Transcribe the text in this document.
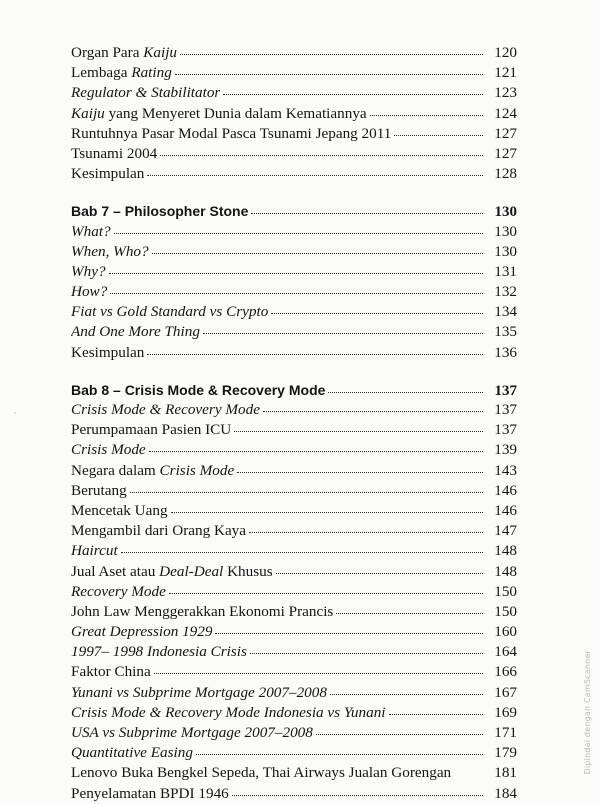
Organ Para Kaiju	120
Lembaga Rating	121
Regulator & Stabilitator	123
Kaiju yang Menyeret Dunia dalam Kematiannya	124
Runtuhnya Pasar Modal Pasca Tsunami Jepang 2011	127
Tsunami 2004	127
Kesimpulan	128
Bab 7 – Philosopher Stone	130
What?	130
When, Who?	130
Why?	131
How?	132
Fiat vs Gold Standard vs Crypto	134
And One More Thing	135
Kesimpulan	136
Bab 8 – Crisis Mode & Recovery Mode	137
Crisis Mode & Recovery Mode	137
Perumpamaan Pasien ICU	137
Crisis Mode	139
Negara dalam Crisis Mode	143
Berutang	146
Mencetak Uang	146
Mengambil dari Orang Kaya	147
Haircut	148
Jual Aset atau Deal-Deal Khusus	148
Recovery Mode	150
John Law Menggerakkan Ekonomi Prancis	150
Great Depression 1929	160
1997– 1998 Indonesia Crisis	164
Faktor China	166
Yunani vs Subprime Mortgage 2007–2008	167
Crisis Mode & Recovery Mode Indonesia vs Yunani	169
USA vs Subprime Mortgage 2007–2008	171
Quantitative Easing	179
Lenovo Buka Bengkel Sepeda, Thai Airways Jualan Gorengan	181
Penyelamatan BPDI 1946	184
,
Dipindai dengan CamScanner
